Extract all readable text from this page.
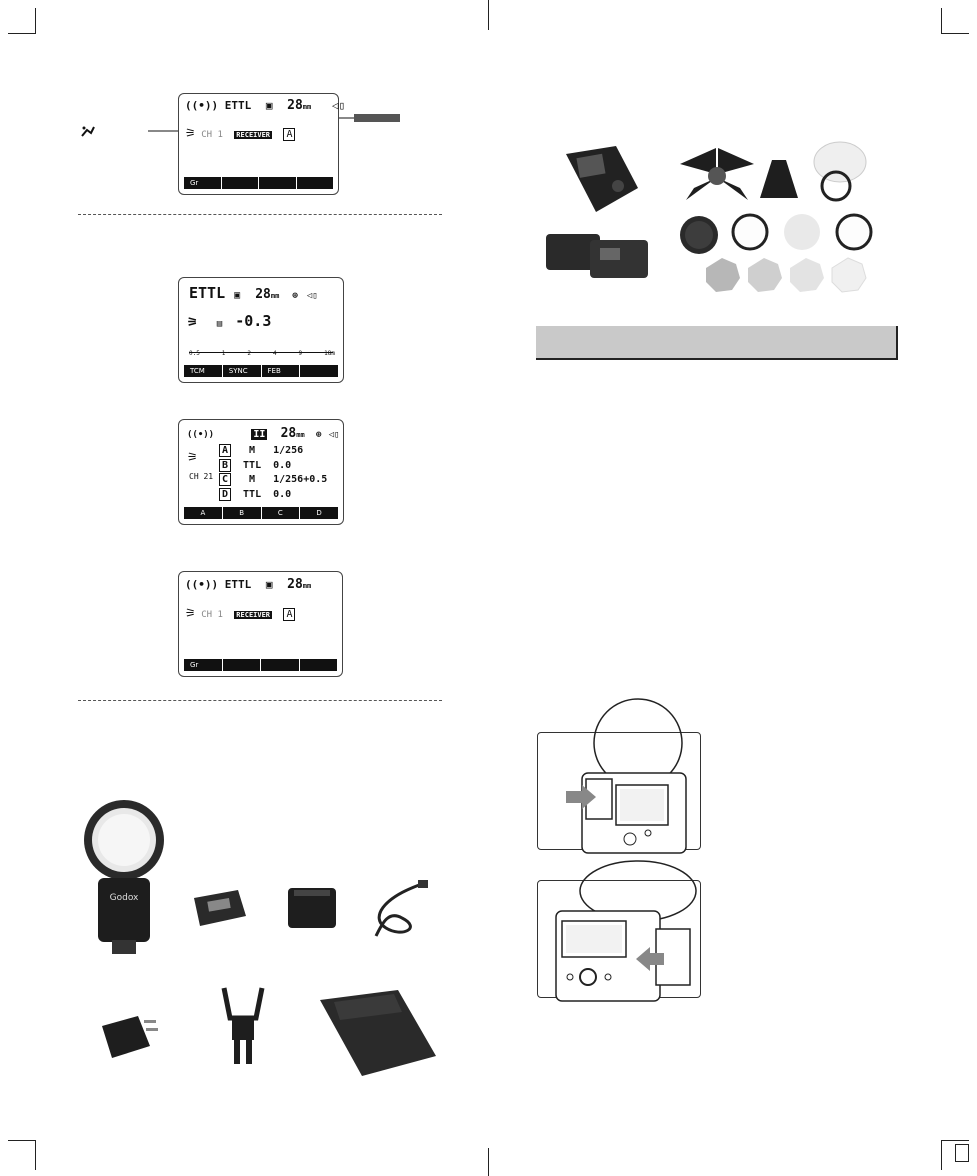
((•)) ETTL ▣ 28mm ◁▯
⚞ CH 1 RECEIVER A
Gr
ETTL ▣ 28mm ⊕ ◁▯
⚞ ▤ -0.3
0.5	1	2	4	9	18m
TCM	SYNC	FEB
((•))	II 28mm ⊕ ◁▯
⚞
CH 21
A M 1/256
B TTL 0.0
C M 1/256+0.5
D TTL 0.0
A	B	C	D
((•)) ETTL ▣ 28mm
⚞ CH 1 RECEIVER A
Gr
Godox
